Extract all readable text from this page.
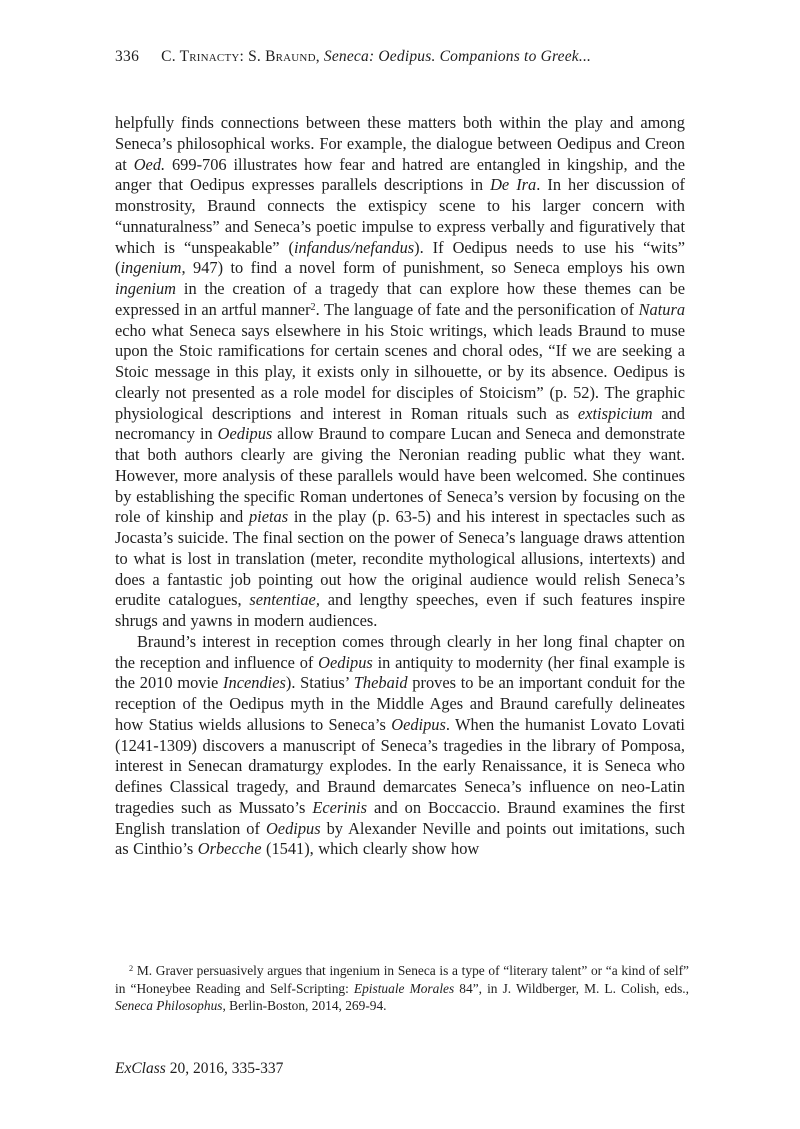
336 C. Trinacty: S. Braund, Seneca: Oedipus. Companions to Greek...

helpfully finds connections between these matters both within the play and among Seneca’s philosophical works. For example, the dialogue between Oedipus and Creon at Oed. 699-706 illustrates how fear and hatred are entangled in kingship, and the anger that Oedipus expresses parallels descriptions in De Ira. In her discussion of monstrosity, Braund connects the extispicy scene to his larger concern with “unnaturalness” and Seneca’s poetic impulse to express verbally and figuratively that which is “unspeakable” (infandus/nefandus). If Oedipus needs to use his “wits” (ingenium, 947) to find a novel form of punishment, so Seneca employs his own ingenium in the creation of a tragedy that can explore how these themes can be expressed in an artful manner$^2$. The language of fate and the personification of Natura echo what Seneca says elsewhere in his Stoic writings, which leads Braund to muse upon the Stoic ramifications for certain scenes and choral odes, “If we are seeking a Stoic message in this play, it exists only in silhouette, or by its absence. Oedipus is clearly not presented as a role model for disciples of Stoicism” (p. 52). The graphic physiological descriptions and interest in Roman rituals such as extispicium and necromancy in Oedipus allow Braund to compare Lucan and Seneca and demonstrate that both authors clearly are giving the Neronian reading public what they want. However, more analysis of these parallels would have been welcomed. She continues by establishing the specific Roman undertones of Seneca’s version by focusing on the role of kinship and pietas in the play (p. 63-5) and his interest in spectacles such as Jocasta’s suicide. The final section on the power of Seneca’s language draws attention to what is lost in translation (meter, recondite mythological allusions, intertexts) and does a fantastic job pointing out how the original audience would relish Seneca’s erudite catalogues, sententiae, and lengthy speeches, even if such features inspire shrugs and yawns in modern audiences.

Braund’s interest in reception comes through clearly in her long final chapter on the reception and influence of Oedipus in antiquity to modernity (her final example is the 2010 movie Incendies). Statius’ Thebaid proves to be an important conduit for the reception of the Oedipus myth in the Middle Ages and Braund carefully delineates how Statius wields allusions to Seneca’s Oedipus. When the humanist Lovato Lovati (1241-1309) discovers a manuscript of Seneca’s tragedies in the library of Pomposa, interest in Senecan dramaturgy explodes. In the early Renaissance, it is Seneca who defines Classical tragedy, and Braund demarcates Seneca’s influence on neo-Latin tragedies such as Mussato’s Ecerinis and on Boccaccio. Braund examines the first English translation of Oedipus by Alexander Neville and points out imitations, such as Cinthio’s Orbecche (1541), which clearly show how

$^2$ M. Graver persuasively argues that ingenium in Seneca is a type of “literary talent” or “a kind of self” in “Honeybee Reading and Self-Scripting: Epistuale Morales 84”, in J. Wildberger, M. L. Colish, eds., Seneca Philosophus, Berlin-Boston, 2014, 269-94.
ExClass 20, 2016, 335-337
